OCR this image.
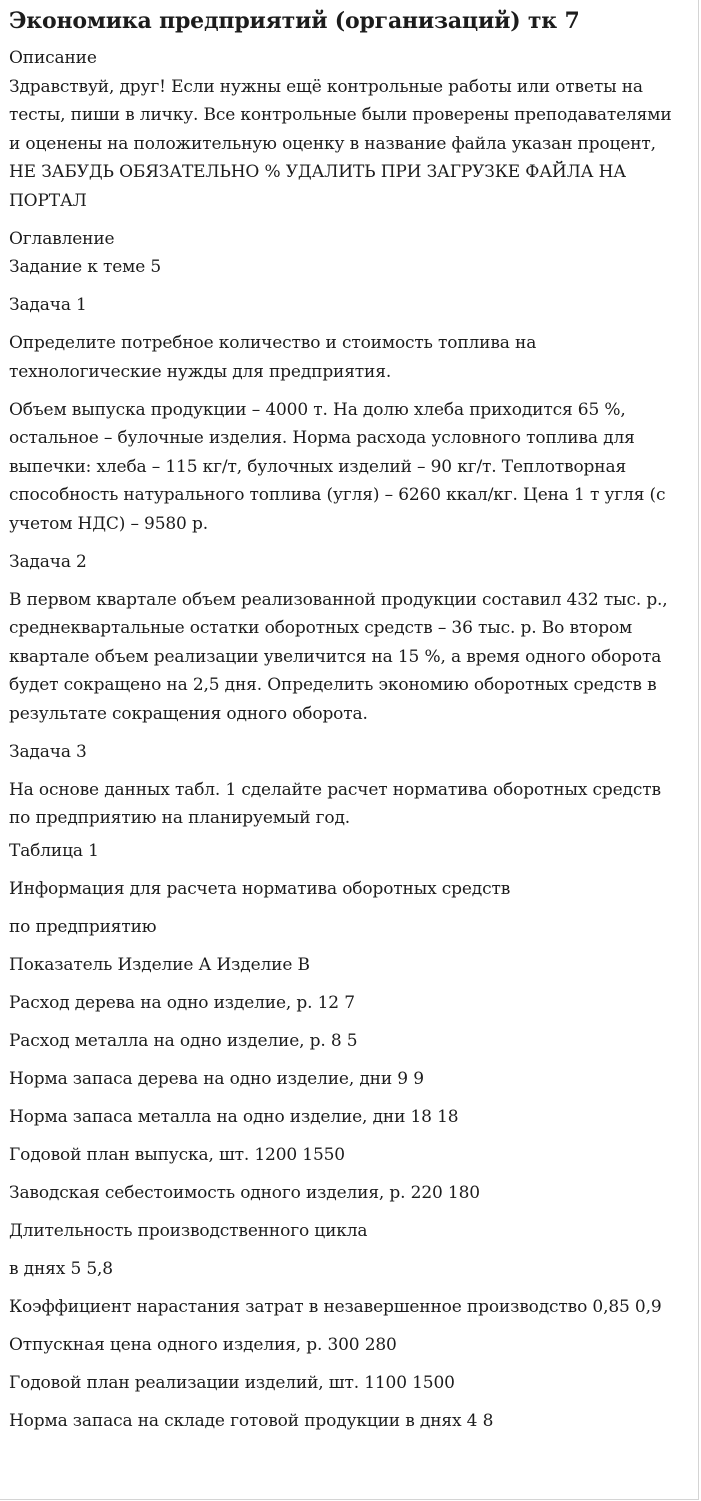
Экономика предприятий (организаций) тк 7

Описание

Здравствуй, друг! Если нужны ещё контрольные работы или ответы на тесты, пиши в личку. Все контрольные были проверены преподавателями и оценены на положительную оценку в название файла указан процент, НЕ ЗАБУДЬ ОБЯЗАТЕЛЬНО % УДАЛИТЬ ПРИ ЗАГРУЗКЕ ФАЙЛА НА ПОРТАЛ

Оглавление

Задание к теме 5

Задача 1

Определите потребное количество и стоимость топлива на технологические нужды для предприятия.

Объем выпуска продукции – 4000 т. На долю хлеба приходится 65 %, остальное – булочные изделия. Норма расхода условного топлива для выпечки: хлеба – 115 кг/т, булочных изделий – 90 кг/т. Теплотворная способность натурального топлива (угля) – 6260 ккал/кг. Цена 1 т угля (с учетом НДС) – 9580 р.

Задача 2

В первом квартале объем реализованной продукции составил 432 тыс. р., среднеквартальные остатки оборотных средств – 36 тыс. р. Во втором квартале объем реализации увеличится на 15 %, а время одного оборота будет сокращено на 2,5 дня. Определить экономию оборотных средств в результате сокращения одного оборота.

Задача 3

На основе данных табл. 1 сделайте расчет норматива оборотных средств по предприятию на планируемый год.

Таблица 1

Информация для расчета норматива оборотных средств

по предприятию

Показатель Изделие А Изделие В

Расход дерева на одно изделие, р. 12 7

Расход металла на одно изделие, р. 8 5

Норма запаса дерева на одно изделие, дни 9 9

Норма запаса металла на одно изделие, дни 18 18

Годовой план выпуска, шт. 1200 1550

Заводская себестоимость одного изделия, р. 220 180

Длительность производственного цикла

в днях 5 5,8

Коэффициент нарастания затрат в незавершенное производство 0,85 0,9

Отпускная цена одного изделия, р. 300 280

Годовой план реализации изделий, шт. 1100 1500

Норма запаса на складе готовой продукции в днях 4 8
